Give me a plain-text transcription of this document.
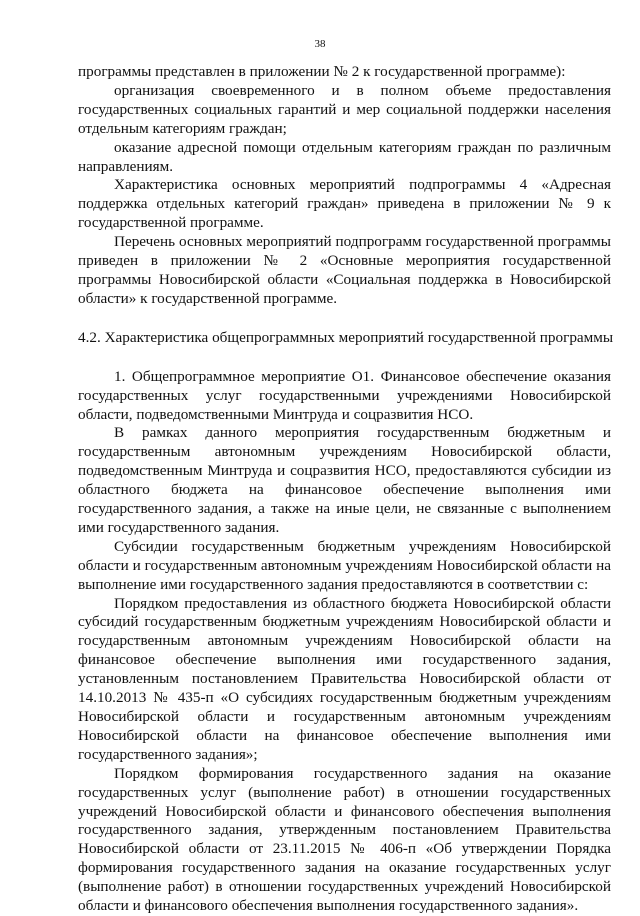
38

программы представлен в приложении № 2 к государственной программе):

организация своевременного и в полном объеме предоставления государственных социальных гарантий и мер социальной поддержки населения отдельным категориям граждан;

оказание адресной помощи отдельным категориям граждан по различным направлениям.

Характеристика основных мероприятий подпрограммы 4 «Адресная поддержка отдельных категорий граждан» приведена в приложении № 9 к государственной программе.

Перечень основных мероприятий подпрограмм государственной программы приведен в приложении № 2 «Основные мероприятия государственной программы Новосибирской области «Социальная поддержка в Новосибирской области» к государственной программе.

4.2. Характеристика общепрограммных мероприятий государственной программы

1. Общепрограммное мероприятие О1. Финансовое обеспечение оказания государственных услуг государственными учреждениями Новосибирской области, подведомственными Минтруда и соцразвития НСО.

В рамках данного мероприятия государственным бюджетным и государственным автономным учреждениям Новосибирской области, подведомственным Минтруда и соцразвития НСО, предоставляются субсидии из областного бюджета на финансовое обеспечение выполнения ими государственного задания, а также на иные цели, не связанные с выполнением ими государственного задания.

Субсидии государственным бюджетным учреждениям Новосибирской области и государственным автономным учреждениям Новосибирской области на выполнение ими государственного задания предоставляются в соответствии с:

Порядком предоставления из областного бюджета Новосибирской области субсидий государственным бюджетным учреждениям Новосибирской области и государственным автономным учреждениям Новосибирской области на финансовое обеспечение выполнения ими государственного задания, установленным постановлением Правительства Новосибирской области от 14.10.2013 № 435-п «О субсидиях государственным бюджетным учреждениям Новосибирской области и государственным автономным учреждениям Новосибирской области на финансовое обеспечение выполнения ими государственного задания»;

Порядком формирования государственного задания на оказание государственных услуг (выполнение работ) в отношении государственных учреждений Новосибирской области и финансового обеспечения выполнения государственного задания, утвержденным постановлением Правительства Новосибирской области от 23.11.2015 № 406-п «Об утверждении Порядка формирования государственного задания на оказание государственных услуг (выполнение работ) в отношении государственных учреждений Новосибирской области и финансового обеспечения выполнения государственного задания».
